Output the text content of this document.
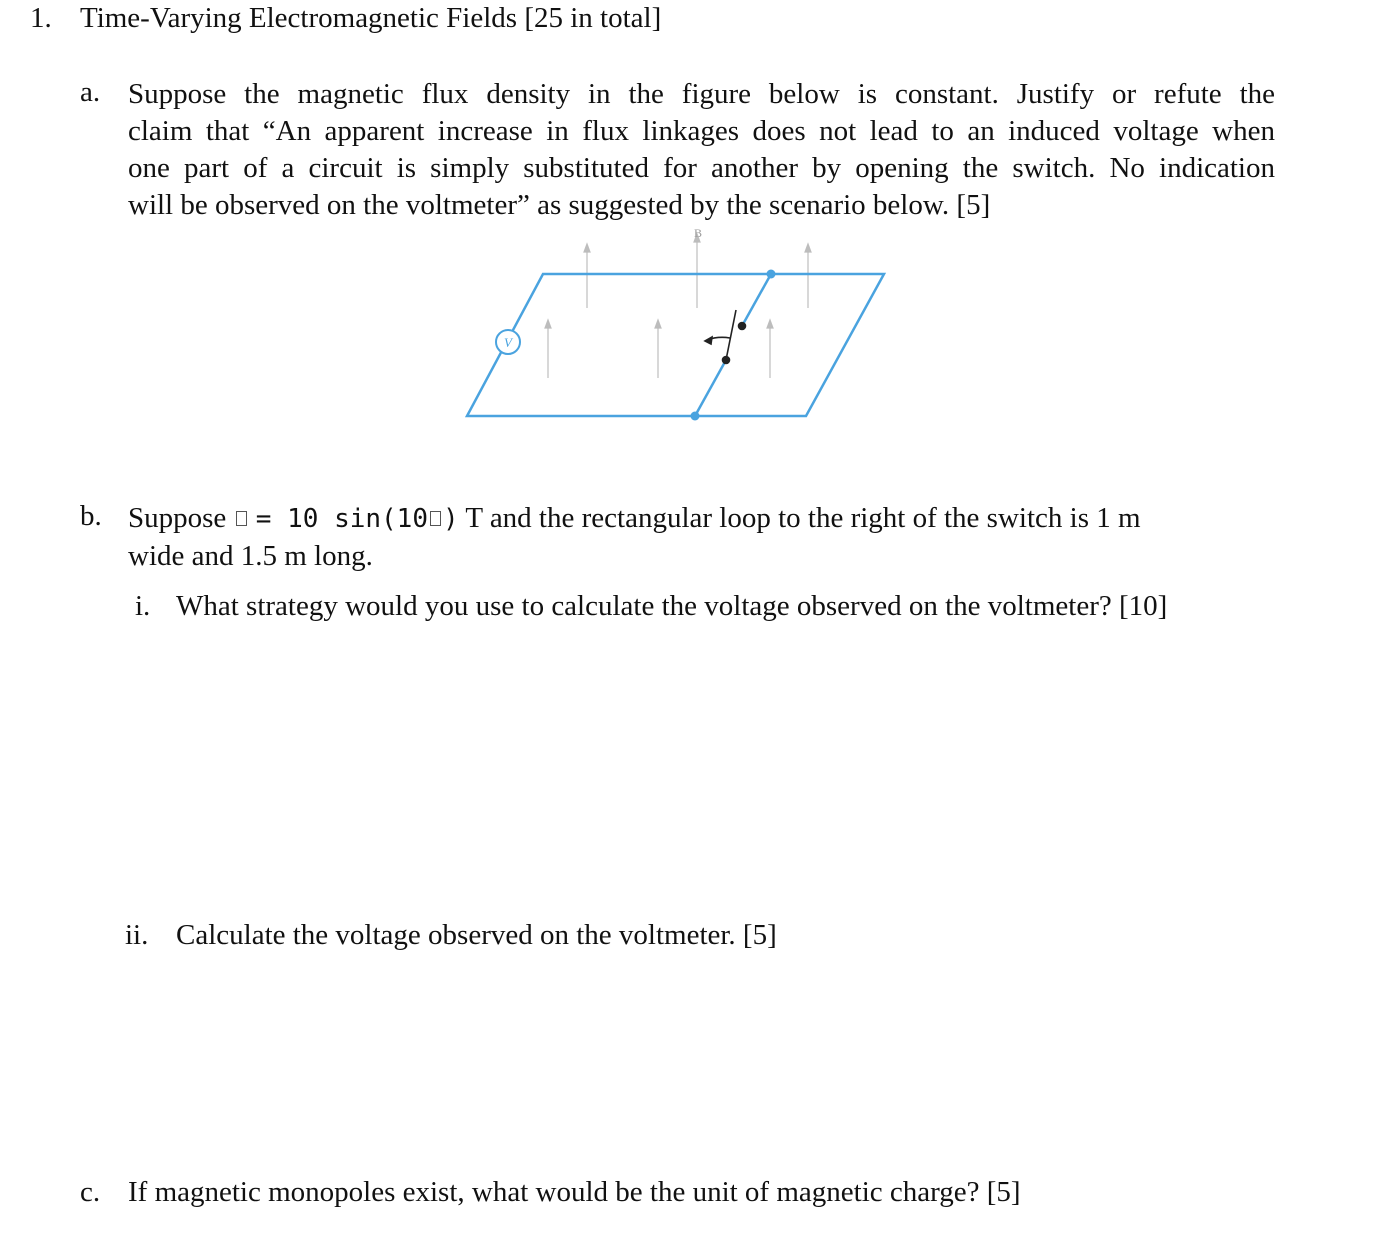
1. Time-Varying Electromagnetic Fields [25 in total]
a. Suppose the magnetic flux density in the figure below is constant. Justify or refute the
claim that “An apparent increase in flux linkages does not lead to an induced voltage when
one part of a circuit is simply substituted for another by opening the switch. No indication
will be observed on the voltmeter” as suggested by the scenario below. [5]
V
B
b. Suppose = 10 sin(10 ) T and the rectangular loop to the right of the switch is 1 m
wide and 1.5 m long.
i. What strategy would you use to calculate the voltage observed on the voltmeter? [10]
ii. Calculate the voltage observed on the voltmeter. [5]
c. If magnetic monopoles exist, what would be the unit of magnetic charge? [5]
